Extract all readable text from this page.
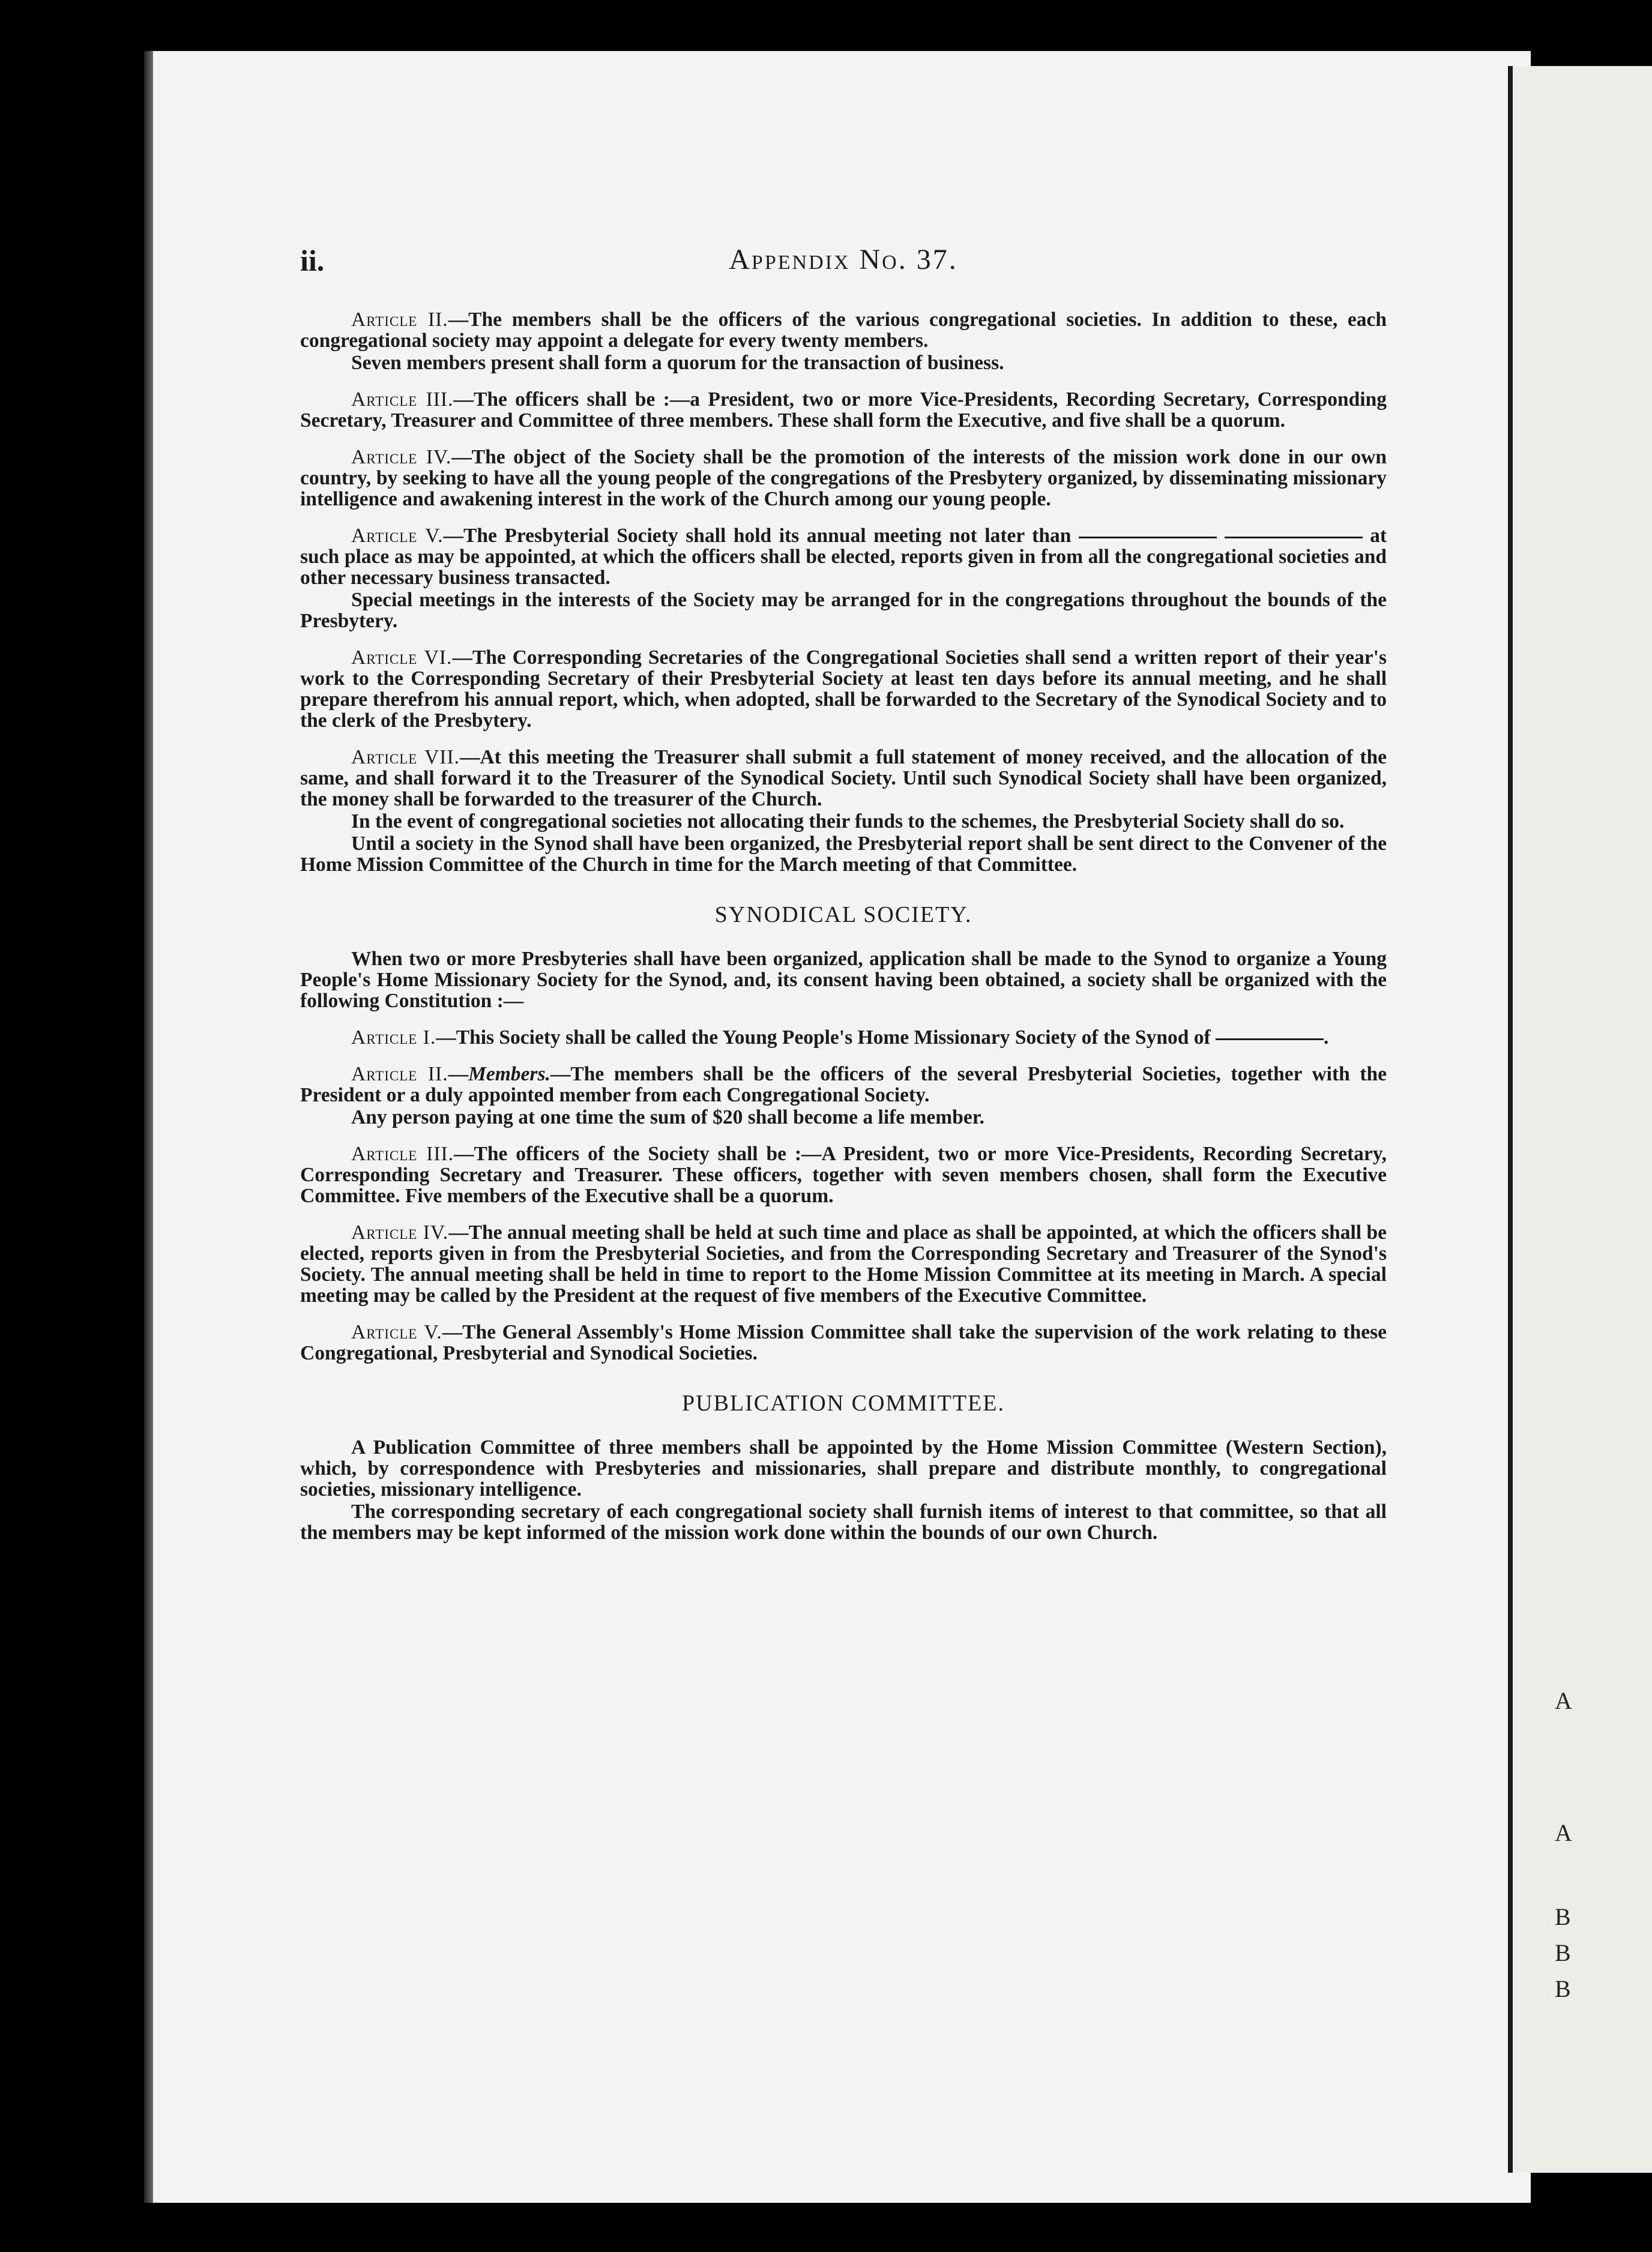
A
A
B
B
B
ii.	Appendix No. 37.

Article II.—The members shall be the officers of the various congregational societies. In addition to these, each congregational society may appoint a delegate for every twenty members.

Seven members present shall form a quorum for the transaction of business.

Article III.—The officers shall be :—a President, two or more Vice-Presidents, Recording Secretary, Corresponding Secretary, Treasurer and Committee of three members. These shall form the Executive, and five shall be a quorum.

Article IV.—The object of the Society shall be the promotion of the interests of the mission work done in our own country, by seeking to have all the young people of the congregations of the Presbytery organized, by disseminating missionary intelligence and awakening interest in the work of the Church among our young people.

Article V.—The Presbyterial Society shall hold its annual meeting not later than	at such place as may be appointed, at which the officers shall be elected, reports given in from all the congregational societies and other necessary business transacted.

Special meetings in the interests of the Society may be arranged for in the congregations throughout the bounds of the Presbytery.

Article VI.—The Corresponding Secretaries of the Congregational Societies shall send a written report of their year's work to the Corresponding Secretary of their Presbyterial Society at least ten days before its annual meeting, and he shall prepare therefrom his annual report, which, when adopted, shall be forwarded to the Secretary of the Synodical Society and to the clerk of the Presbytery.

Article VII.—At this meeting the Treasurer shall submit a full statement of money received, and the allocation of the same, and shall forward it to the Treasurer of the Synodical Society. Until such Synodical Society shall have been organized, the money shall be forwarded to the treasurer of the Church.

In the event of congregational societies not allocating their funds to the schemes, the Presbyterial Society shall do so.

Until a society in the Synod shall have been organized, the Presbyterial report shall be sent direct to the Convener of the Home Mission Committee of the Church in time for the March meeting of that Committee.

SYNODICAL SOCIETY.

When two or more Presbyteries shall have been organized, application shall be made to the Synod to organize a Young People's Home Missionary Society for the Synod, and, its consent having been obtained, a society shall be organized with the following Constitution :—

Article I.—This Society shall be called the Young People's Home Missionary Society of the Synod of	.

Article II.—Members.—The members shall be the officers of the several Presbyterial Societies, together with the President or a duly appointed member from each Congregational Society.

Any person paying at one time the sum of $20 shall become a life member.

Article III.—The officers of the Society shall be :—A President, two or more Vice-Presidents, Recording Secretary, Corresponding Secretary and Treasurer. These officers, together with seven members chosen, shall form the Executive Committee. Five members of the Executive shall be a quorum.

Article IV.—The annual meeting shall be held at such time and place as shall be appointed, at which the officers shall be elected, reports given in from the Presbyterial Societies, and from the Corresponding Secretary and Treasurer of the Synod's Society. The annual meeting shall be held in time to report to the Home Mission Committee at its meeting in March. A special meeting may be called by the President at the request of five members of the Executive Committee.

Article V.—The General Assembly's Home Mission Committee shall take the supervision of the work relating to these Congregational, Presbyterial and Synodical Societies.

PUBLICATION COMMITTEE.

A Publication Committee of three members shall be appointed by the Home Mission Committee (Western Section), which, by correspondence with Presbyteries and missionaries, shall prepare and distribute monthly, to congregational societies, missionary intelligence.

The corresponding secretary of each congregational society shall furnish items of interest to that committee, so that all the members may be kept informed of the mission work done within the bounds of our own Church.
